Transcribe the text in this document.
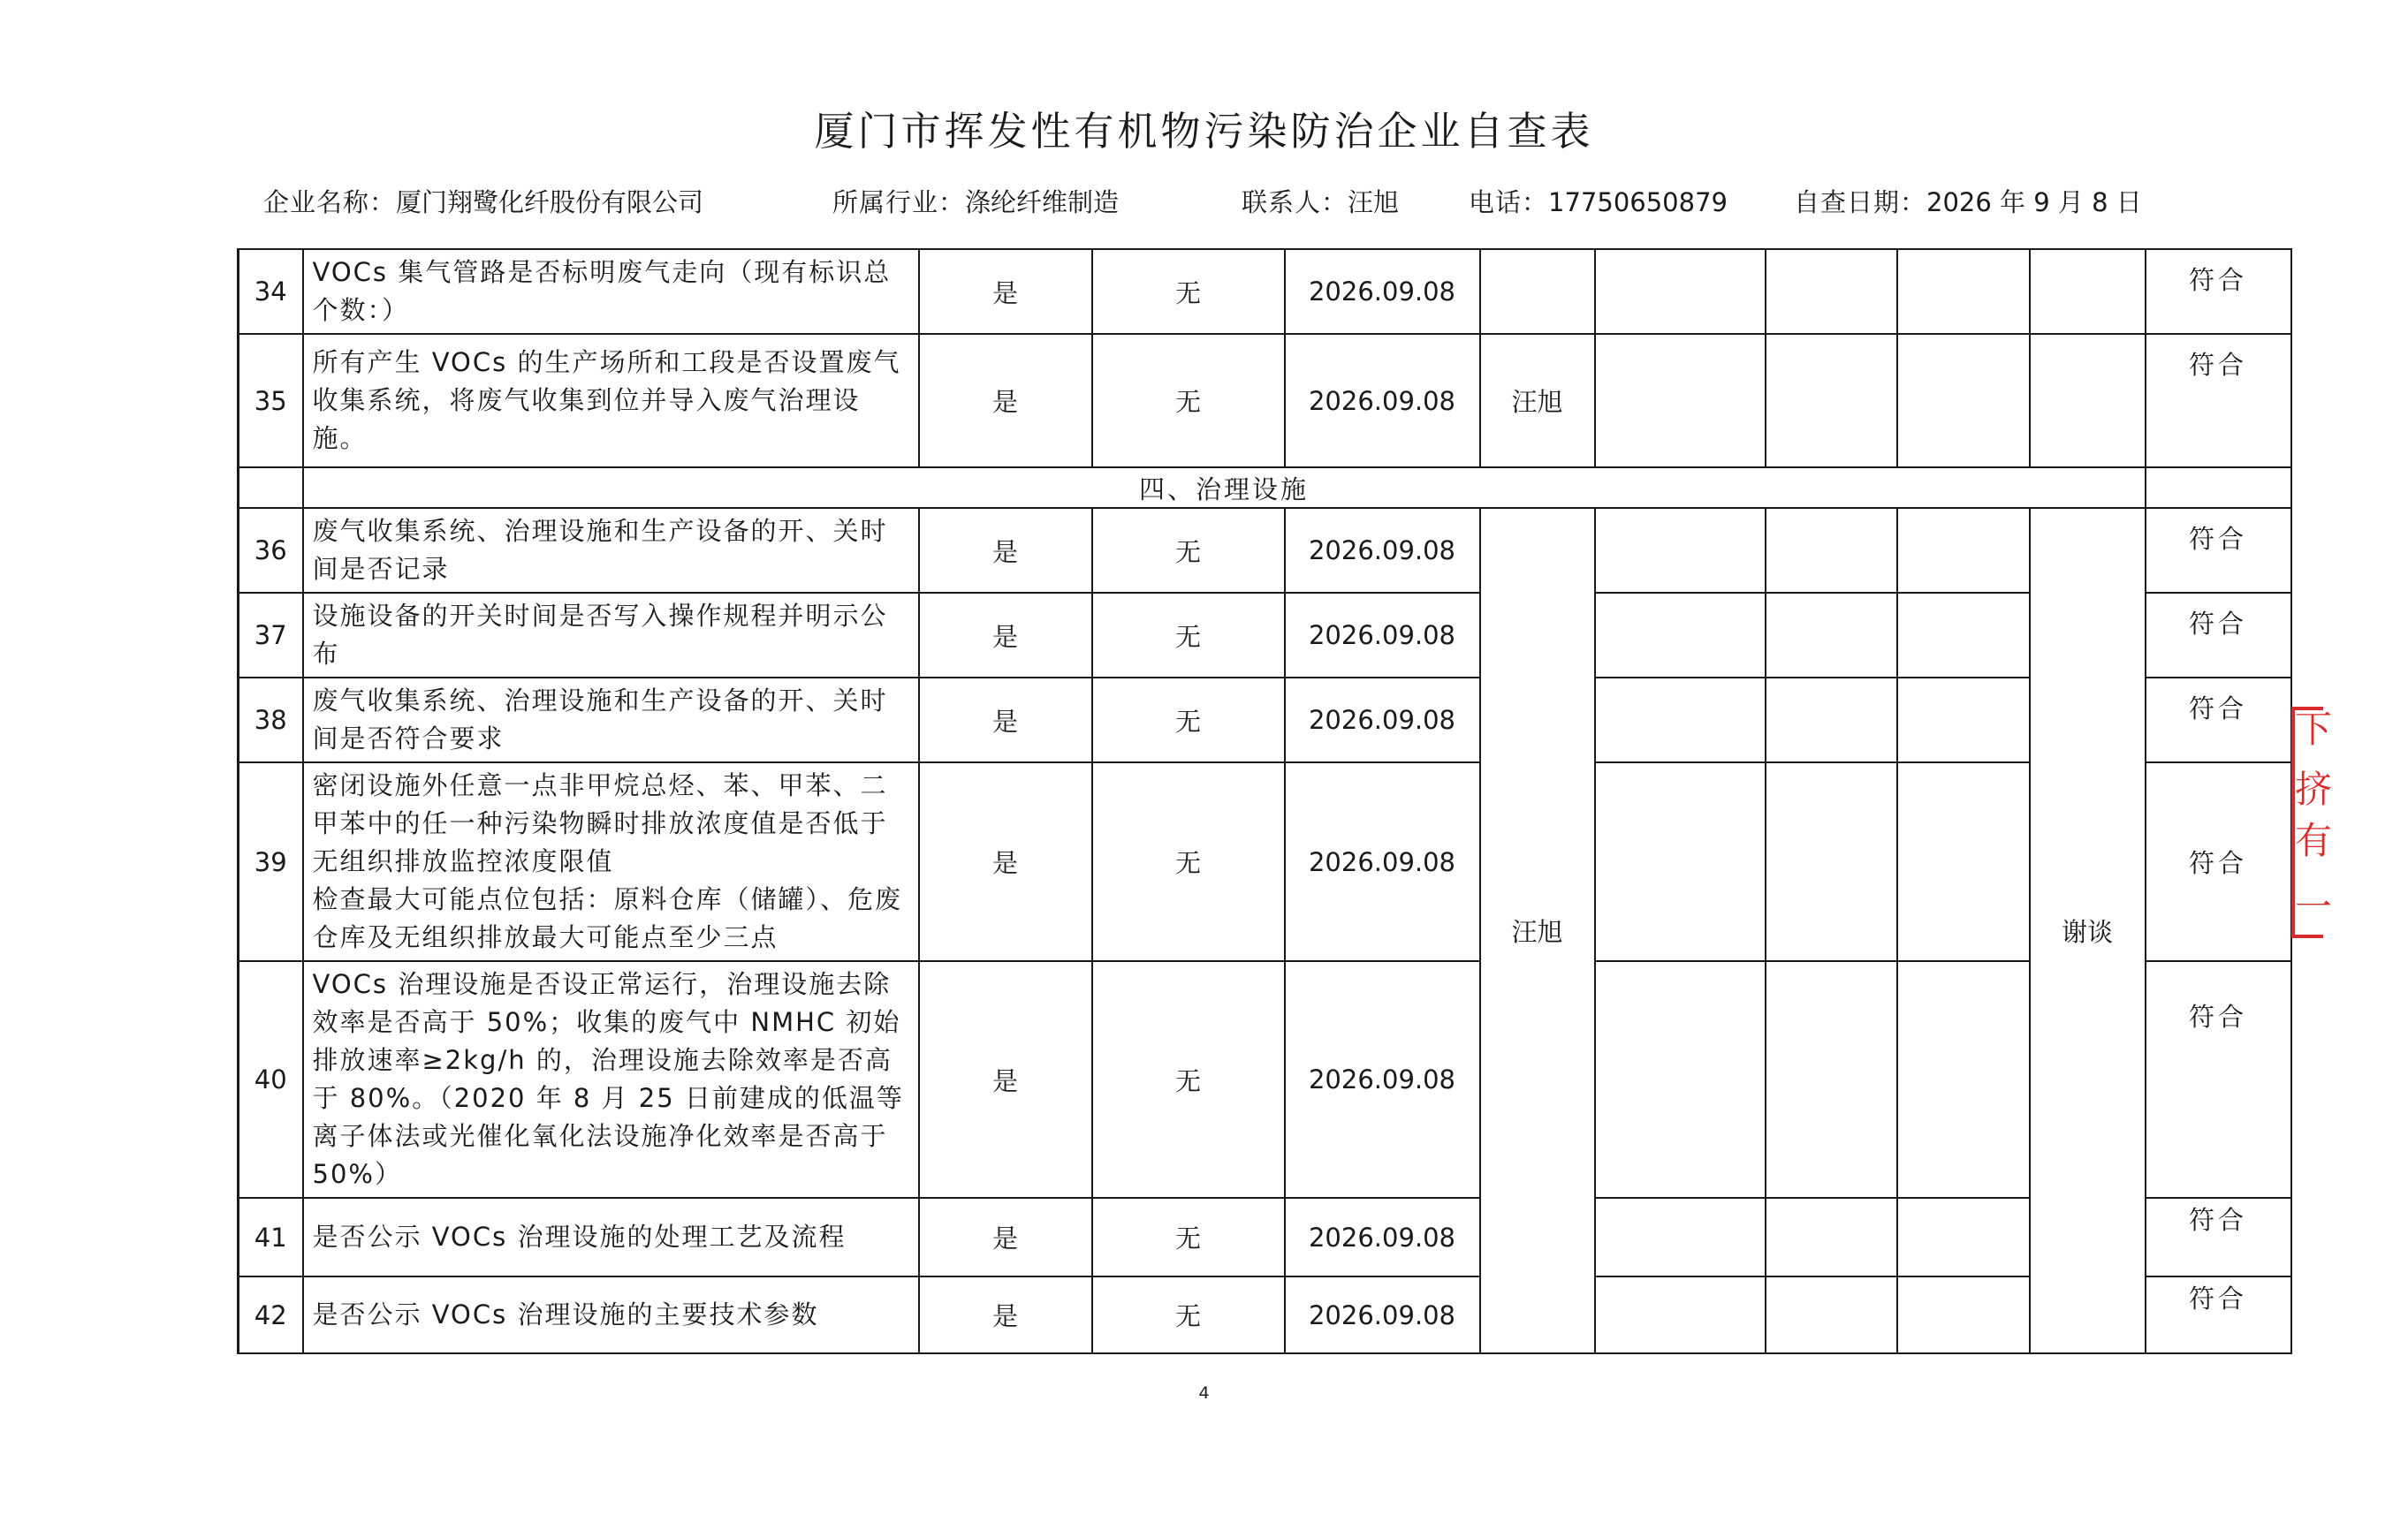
厦门市挥发性有机物污染防治企业自查表
企业名称：厦门翔鹭化纤股份有限公司	所属行业：涤纶纤维制造	联系人：汪旭	电话：17750650879	自查日期：2026 年 9 月 8 日
34	VOCs 集气管路是否标明废气走向（现有标识总个数：）	是	无	2026.09.08						符合
35	所有产生 VOCs 的生产场所和工段是否设置废气收集系统，将废气收集到位并导入废气治理设施。	是	无	2026.09.08	汪旭					符合
	四、治理设施									
36	废气收集系统、治理设施和生产设备的开、关时间是否记录	是	无	2026.09.08	汪旭				谢谈	符合
37	设施设备的开关时间是否写入操作规程并明示公布	是	无	2026.09.08						符合
38	废气收集系统、治理设施和生产设备的开、关时间是否符合要求	是	无	2026.09.08						符合
39	密闭设施外任意一点非甲烷总烃、苯、甲苯、二甲苯中的任一种污染物瞬时排放浓度值是否低于无组织排放监控浓度限值
检查最大可能点位包括：原料仓库（储罐）、危废仓库及无组织排放最大可能点至少三点	是	无	2026.09.08						符合
40	VOCs 治理设施是否设正常运行，治理设施去除效率是否高于 50%；收集的废气中 NMHC 初始排放速率≥2kg/h 的，治理设施去除效率是否高于 80%。（2020 年 8 月 25 日前建成的低温等离子体法或光催化氧化法设施净化效率是否高于 50%）	是	无	2026.09.08						符合
41	是否公示 VOCs 治理设施的处理工艺及流程	是	无	2026.09.08						符合
42	是否公示 VOCs 治理设施的主要技术参数	是	无	2026.09.08						符合
下
挤
有
一
4
